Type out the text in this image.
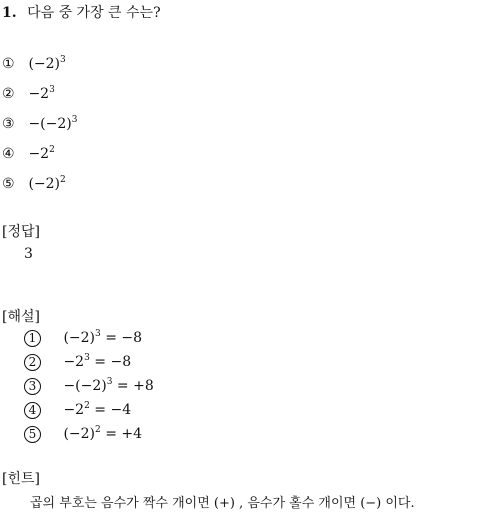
1. 다음 중 가장 큰 수는?
① $(-2)^3$
② $-2^3$
③ $-(-2)^3$
④ $-2^2$
⑤ $(-2)^2$
[정답]
3
[해설]
1 $(-2)^3 = -8$
$2 -2^3 = -8$
$3 -(-2)^3 = +8$
$4 -2^2 = -4$
5 $(-2)^2 = +4$
[힌트]
곱의 부호는 음수가 짝수 개이면 (+) , 음수가 홀수 개이면 (−) 이다.
